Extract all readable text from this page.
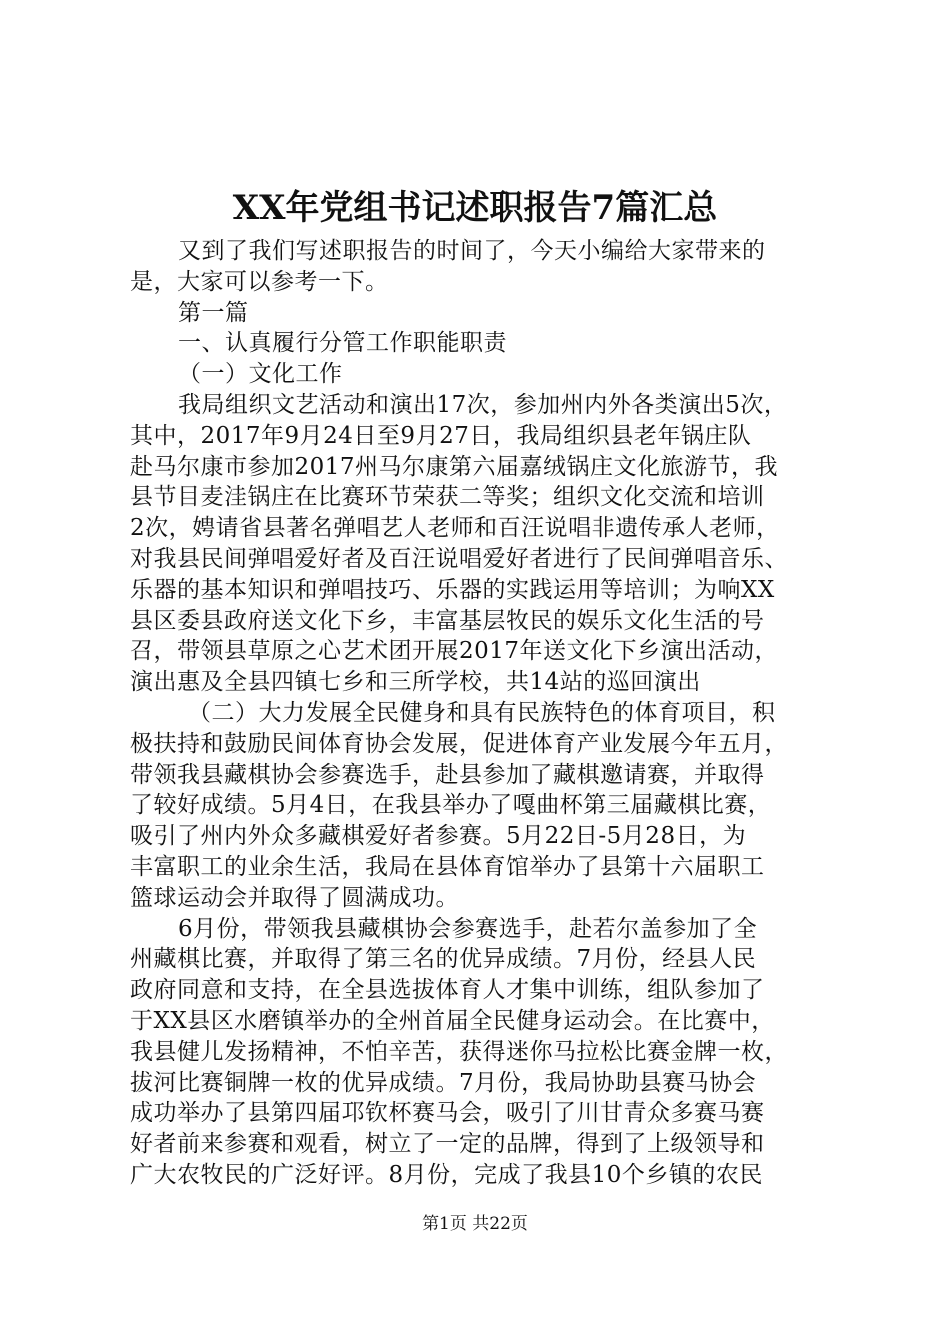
XX年党组书记述职报告7篇汇总
又到了我们写述职报告的时间了，今天小编给大家带来的
是，大家可以参考一下。
第一篇
一、认真履行分管工作职能职责
（一）文化工作
我局组织文艺活动和演出17次，参加州内外各类演出5次，
其中，2017年9月24日至9月27日，我局组织县老年锅庄队
赴马尔康市参加2017州马尔康第六届嘉绒锅庄文化旅游节，我
县节目麦洼锅庄在比赛环节荣获二等奖；组织文化交流和培训
2次，娉请省县著名弹唱艺人老师和百汪说唱非遗传承人老师，
对我县民间弹唱爱好者及百汪说唱爱好者进行了民间弹唱音乐、
乐器的基本知识和弹唱技巧、乐器的实践运用等培训；为响XX
县区委县政府送文化下乡，丰富基层牧民的娱乐文化生活的号
召，带领县草原之心艺术团开展2017年送文化下乡演出活动，
演出惠及全县四镇七乡和三所学校，共14站的巡回演出
（二）大力发展全民健身和具有民族特色的体育项目，积
极扶持和鼓励民间体育协会发展，促进体育产业发展今年五月，
带领我县藏棋协会参赛选手，赴县参加了藏棋邀请赛，并取得
了较好成绩。5月4日，在我县举办了嘎曲杯第三届藏棋比赛，
吸引了州内外众多藏棋爱好者参赛。5月22日-5月28日，为
丰富职工的业余生活，我局在县体育馆举办了县第十六届职工
篮球运动会并取得了圆满成功。
6月份，带领我县藏棋协会参赛选手，赴若尔盖参加了全
州藏棋比赛，并取得了第三名的优异成绩。7月份，经县人民
政府同意和支持，在全县选拔体育人才集中训练，组队参加了
于XX县区水磨镇举办的全州首届全民健身运动会。在比赛中，
我县健儿发扬精神，不怕辛苦，获得迷你马拉松比赛金牌一枚，
拔河比赛铜牌一枚的优异成绩。7月份，我局协助县赛马协会
成功举办了县第四届邛钦杯赛马会，吸引了川甘青众多赛马赛
好者前来参赛和观看，树立了一定的品牌，得到了上级领导和
广大农牧民的广泛好评。8月份，完成了我县10个乡镇的农民
第1页 共22页
